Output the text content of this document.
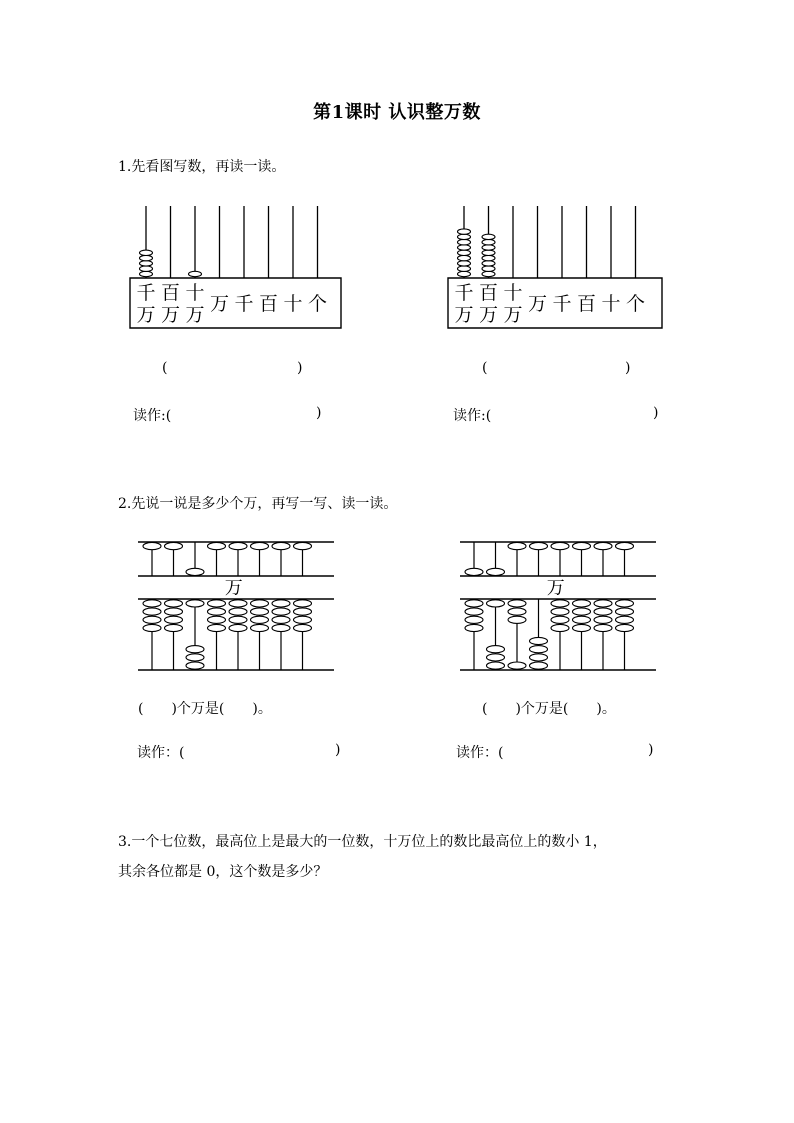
第1课时 认识整万数
1.先看图写数，再读一读。
千
万
百
万
十
万 万 千 百 十 个	千
万
百
万
十
万 万 千 百 十 个
(	)	(	)
读作:(	)	读作:(	)
2.先说一说是多少个万，再写一写、读一读。
万	万
(　　)个万是(　　)。	(　　)个万是(　　)。
读作：(	)	读作：(	)
3.一个七位数，最高位上是最大的一位数，十万位上的数比最高位上的数小 1，
其余各位都是 0，这个数是多少？
